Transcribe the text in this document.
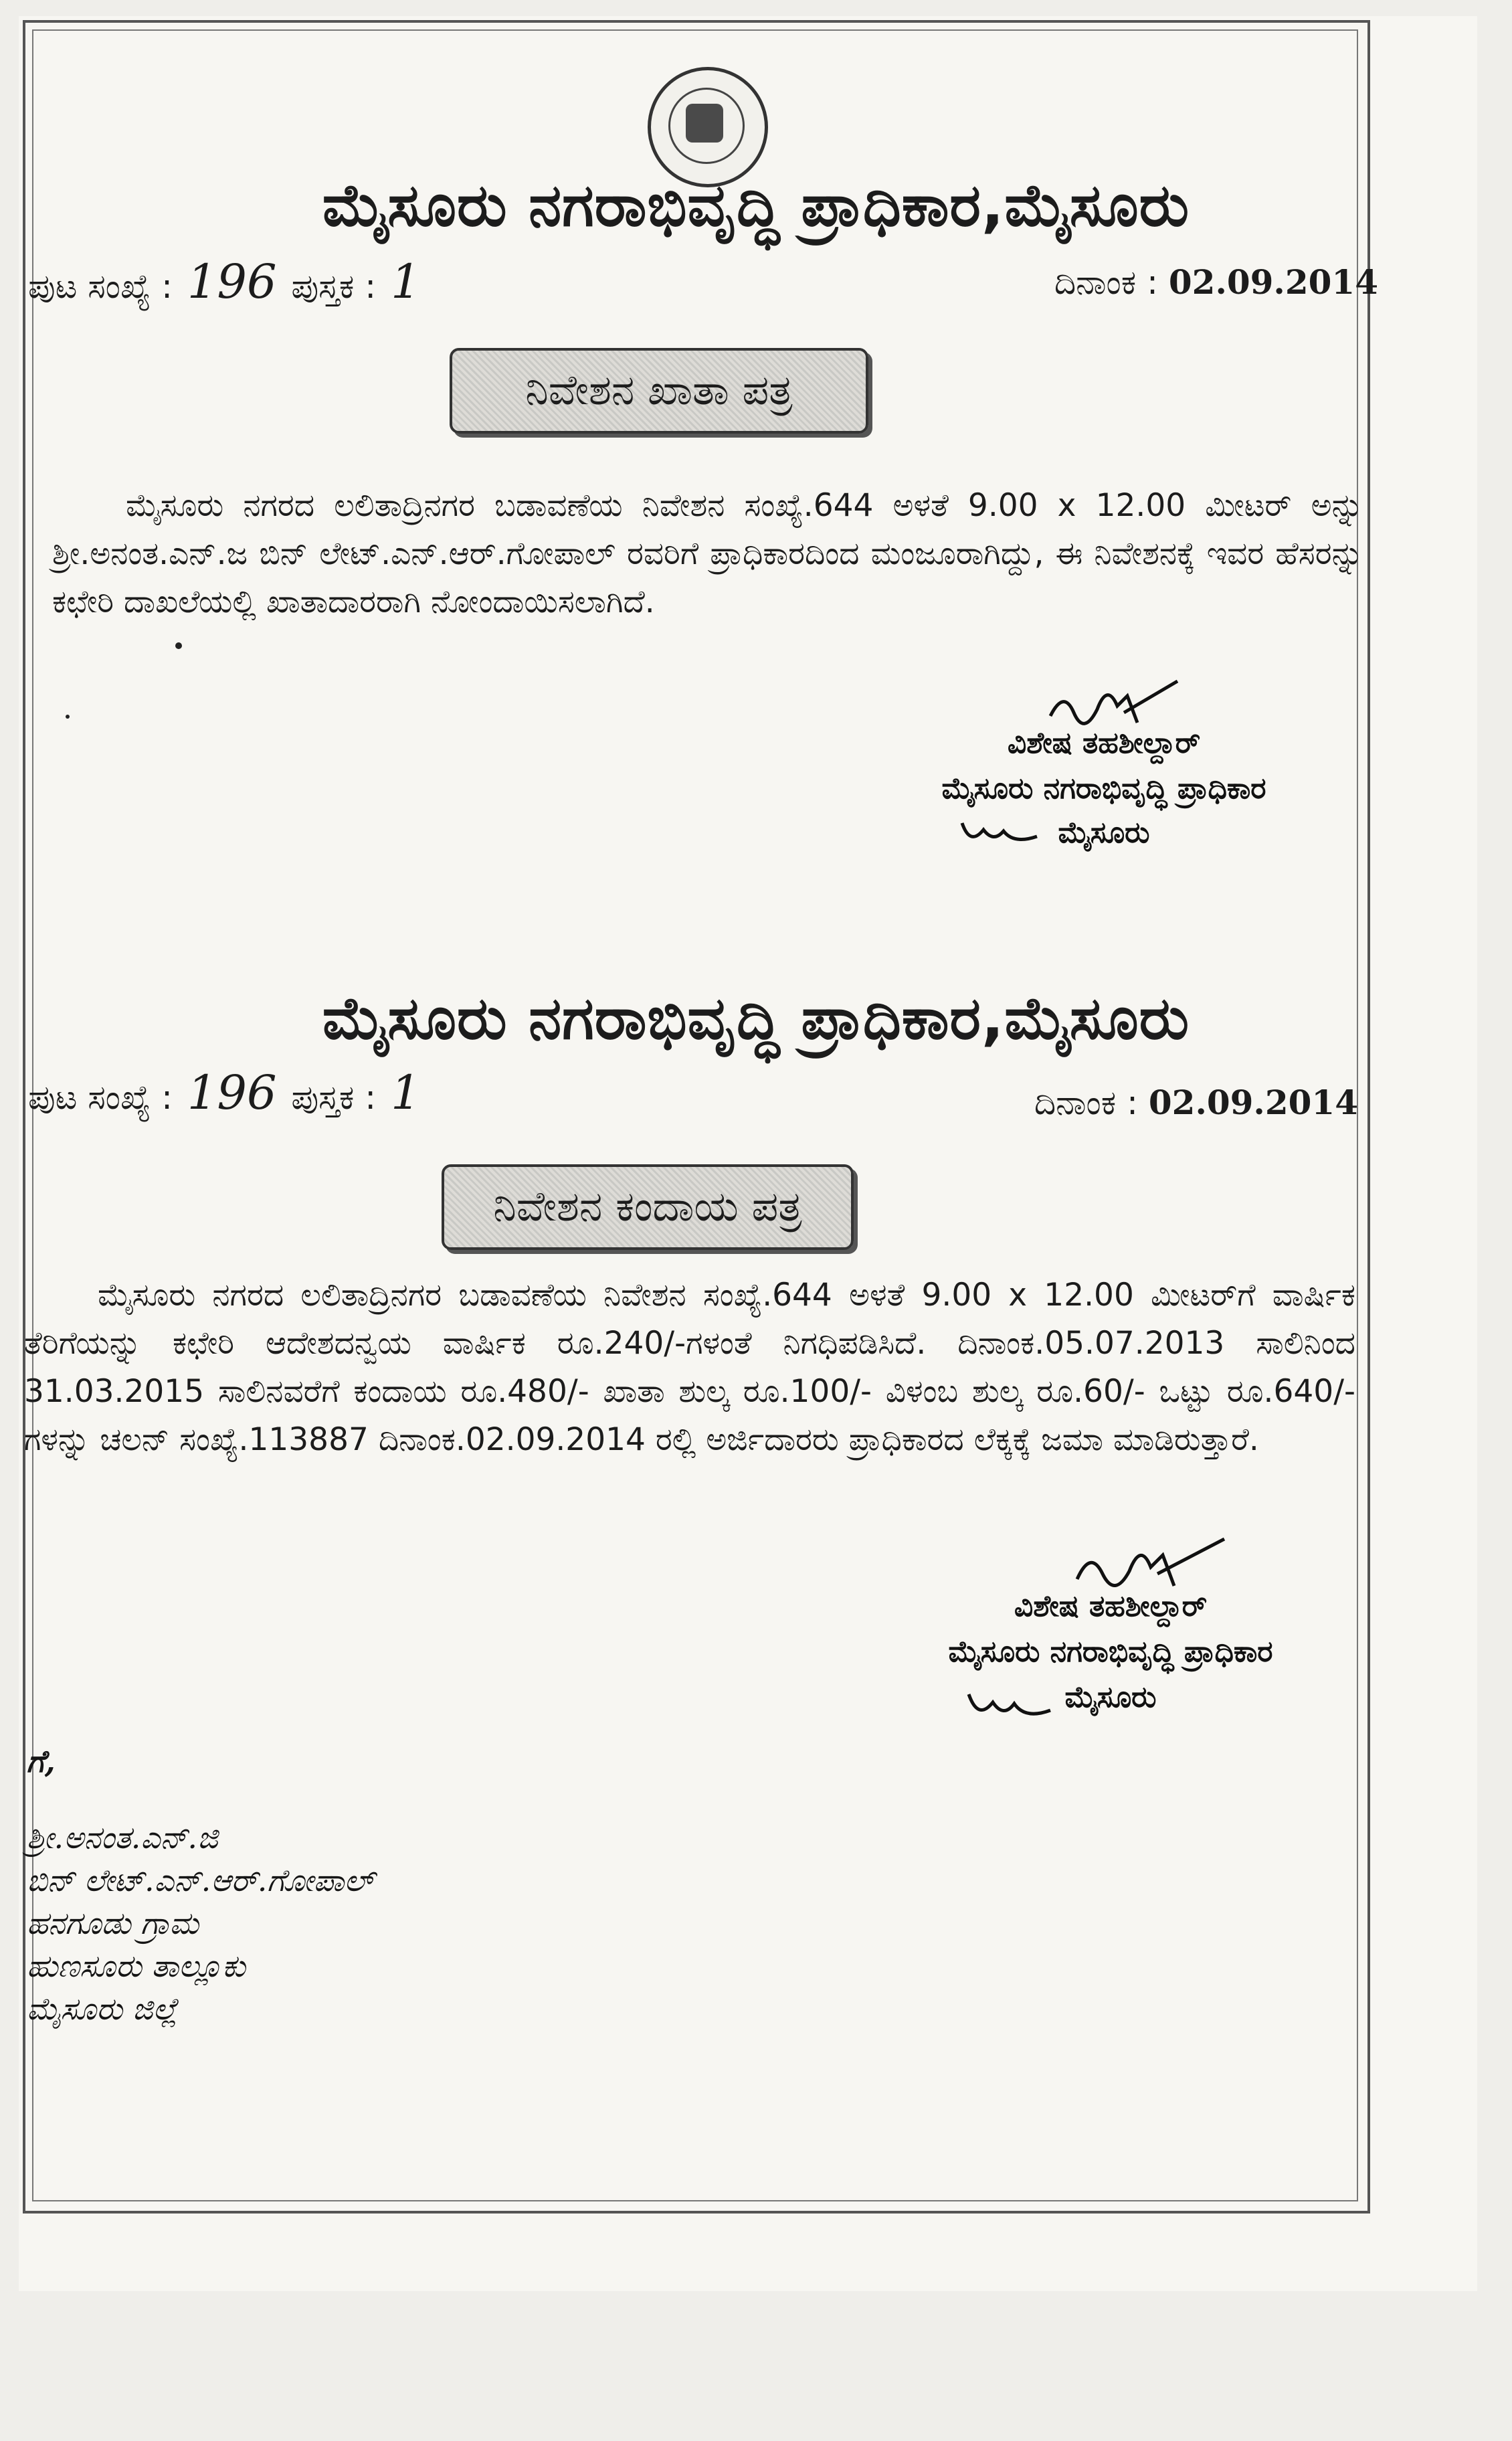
ಮೈಸೂರು ನಗರಾಭಿವೃದ್ಧಿ ಪ್ರಾಧಿಕಾರ,ಮೈಸೂರು
ಪುಟ ಸಂಖ್ಯೆ : 196 ಪುಸ್ತಕ : 1	ದಿನಾಂಕ : 02.09.2014
ನಿವೇಶನ ಖಾತಾ ಪತ್ರ

ಮೈಸೂರು ನಗರದ ಲಲಿತಾದ್ರಿನಗರ ಬಡಾವಣೆಯ ನಿವೇಶನ ಸಂಖ್ಯೆ.644 ಅಳತೆ 9.00 x 12.00 ಮೀಟರ್ ಅನ್ನು ಶ್ರೀ.ಅನಂತ.ಎನ್.ಜ ಬಿನ್ ಲೇಟ್.ಎನ್.ಆರ್.ಗೋಪಾಲ್ ರವರಿಗೆ ಪ್ರಾಧಿಕಾರದಿಂದ ಮಂಜೂರಾಗಿದ್ದು, ಈ ನಿವೇಶನಕ್ಕೆ ಇವರ ಹೆಸರನ್ನು ಕಛೇರಿ ದಾಖಲೆಯಲ್ಲಿ ಖಾತಾದಾರರಾಗಿ ನೋಂದಾಯಿಸಲಾಗಿದೆ.

ವಿಶೇಷ ತಹಶೀಲ್ದಾರ್
ಮೈಸೂರು ನಗರಾಭಿವೃದ್ಧಿ ಪ್ರಾಧಿಕಾರ
ಮೈಸೂರು
ಮೈಸೂರು ನಗರಾಭಿವೃದ್ಧಿ ಪ್ರಾಧಿಕಾರ,ಮೈಸೂರು
ಪುಟ ಸಂಖ್ಯೆ : 196 ಪುಸ್ತಕ : 1	ದಿನಾಂಕ : 02.09.2014
ನಿವೇಶನ ಕಂದಾಯ ಪತ್ರ

ಮೈಸೂರು ನಗರದ ಲಲಿತಾದ್ರಿನಗರ ಬಡಾವಣೆಯ ನಿವೇಶನ ಸಂಖ್ಯೆ.644 ಅಳತೆ 9.00 x 12.00 ಮೀಟರ್‌ಗೆ ವಾರ್ಷಿಕ ತೆರಿಗೆಯನ್ನು ಕಛೇರಿ ಆದೇಶದನ್ವಯ ವಾರ್ಷಿಕ ರೂ.240/-ಗಳಂತೆ ನಿಗಧಿಪಡಿಸಿದೆ. ದಿನಾಂಕ.05.07.2013 ಸಾಲಿನಿಂದ 31.03.2015 ಸಾಲಿನವರೆಗೆ ಕಂದಾಯ ರೂ.480/- ಖಾತಾ ಶುಲ್ಕ ರೂ.100/- ವಿಳಂಬ ಶುಲ್ಕ ರೂ.60/- ಒಟ್ಟು ರೂ.640/- ಗಳನ್ನು ಚಲನ್ ಸಂಖ್ಯೆ.113887 ದಿನಾಂಕ.02.09.2014 ರಲ್ಲಿ ಅರ್ಜಿದಾರರು ಪ್ರಾಧಿಕಾರದ ಲೆಕ್ಕಕ್ಕೆ ಜಮಾ ಮಾಡಿರುತ್ತಾರೆ.

ವಿಶೇಷ ತಹಶೀಲ್ದಾರ್
ಮೈಸೂರು ನಗರಾಭಿವೃದ್ಧಿ ಪ್ರಾಧಿಕಾರ
ಮೈಸೂರು
ಗೆ,
ಶ್ರೀ.ಅನಂತ.ಎನ್.ಜಿ
ಬಿನ್ ಲೇಟ್.ಎನ್.ಆರ್.ಗೋಪಾಲ್
ಹನಗೂಡು ಗ್ರಾಮ
ಹುಣಸೂರು ತಾಲ್ಲೂಕು
ಮೈಸೂರು ಜಿಲ್ಲೆ
